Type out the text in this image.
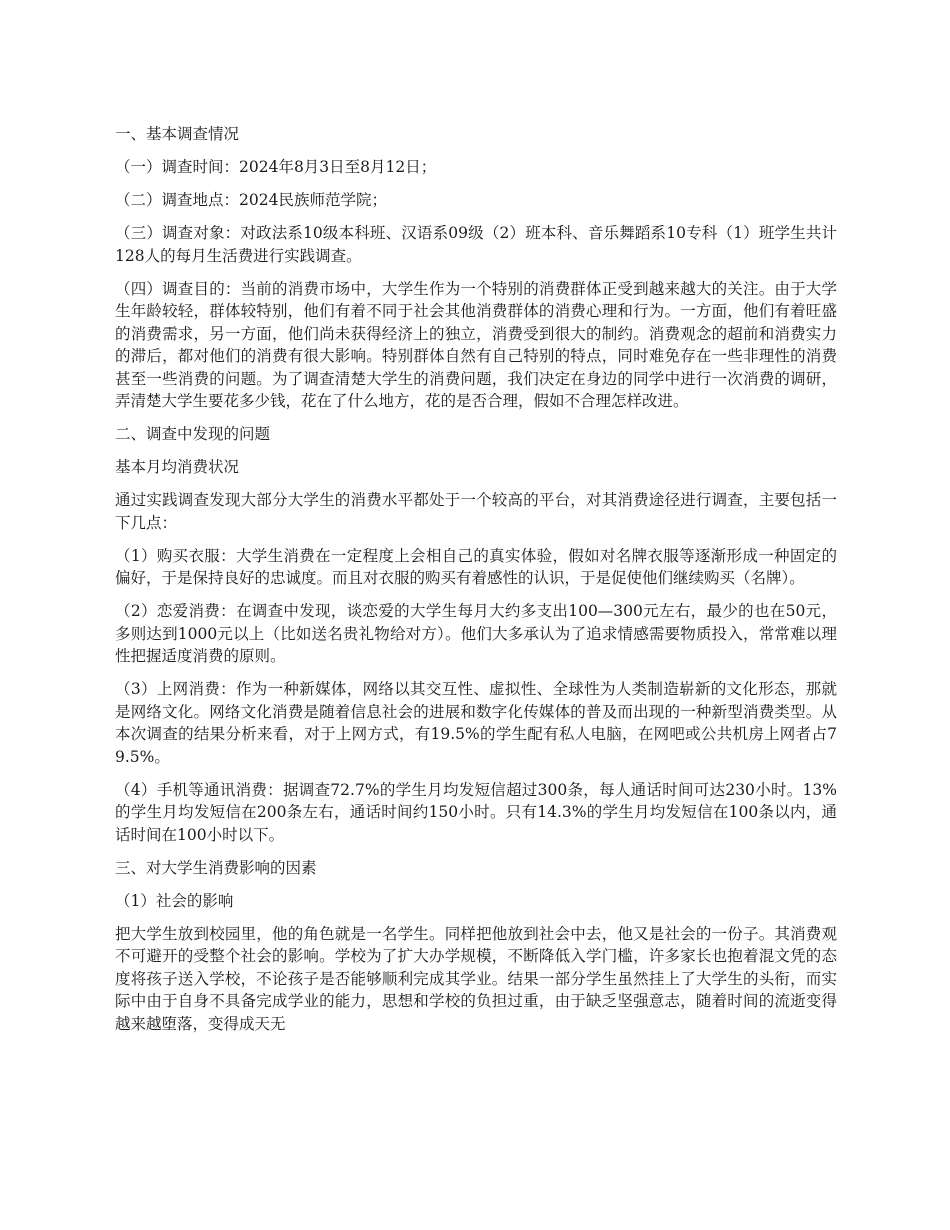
一、基本调查情况

（一）调查时间：2024年8月3日至8月12日；

（二）调查地点：2024民族师范学院；

（三）调查对象：对政法系10级本科班、汉语系09级（2）班本科、音乐舞蹈系10专科（1）班学生共计128人的每月生活费进行实践调查。

（四）调查目的：当前的消费市场中，大学生作为一个特别的消费群体正受到越来越大的关注。由于大学生年龄较轻，群体较特别，他们有着不同于社会其他消费群体的消费心理和行为。一方面，他们有着旺盛的消费需求，另一方面，他们尚未获得经济上的独立，消费受到很大的制约。消费观念的超前和消费实力的滞后，都对他们的消费有很大影响。特别群体自然有自己特别的特点，同时难免存在一些非理性的消费甚至一些消费的问题。为了调查清楚大学生的消费问题，我们决定在身边的同学中进行一次消费的调研，弄清楚大学生要花多少钱，花在了什么地方，花的是否合理，假如不合理怎样改进。

二、调查中发现的问题

基本月均消费状况

通过实践调查发现大部分大学生的消费水平都处于一个较高的平台，对其消费途径进行调查，主要包括一下几点：

（1）购买衣服：大学生消费在一定程度上会相自己的真实体验，假如对名牌衣服等逐渐形成一种固定的偏好，于是保持良好的忠诚度。而且对衣服的购买有着感性的认识，于是促使他们继续购买（名牌）。

（2）恋爱消费：在调查中发现，谈恋爱的大学生每月大约多支出100—300元左右，最少的也在50元，多则达到1000元以上（比如送名贵礼物给对方）。他们大多承认为了追求情感需要物质投入，常常难以理性把握适度消费的原则。

（3）上网消费：作为一种新媒体，网络以其交互性、虚拟性、全球性为人类制造崭新的文化形态，那就是网络文化。网络文化消费是随着信息社会的进展和数字化传媒体的普及而出现的一种新型消费类型。从本次调查的结果分析来看，对于上网方式，有19.5%的学生配有私人电脑，在网吧或公共机房上网者占79.5%。

（4）手机等通讯消费：据调查72.7%的学生月均发短信超过300条，每人通话时间可达230小时。13%的学生月均发短信在200条左右，通话时间约150小时。只有14.3%的学生月均发短信在100条以内，通话时间在100小时以下。

三、对大学生消费影响的因素

（1）社会的影响

把大学生放到校园里，他的角色就是一名学生。同样把他放到社会中去，他又是社会的一份子。其消费观不可避开的受整个社会的影响。学校为了扩大办学规模，不断降低入学门槛，许多家长也抱着混文凭的态度将孩子送入学校，不论孩子是否能够顺利完成其学业。结果一部分学生虽然挂上了大学生的头衔，而实际中由于自身不具备完成学业的能力，思想和学校的负担过重，由于缺乏坚强意志，随着时间的流逝变得越来越堕落，变得成天无
